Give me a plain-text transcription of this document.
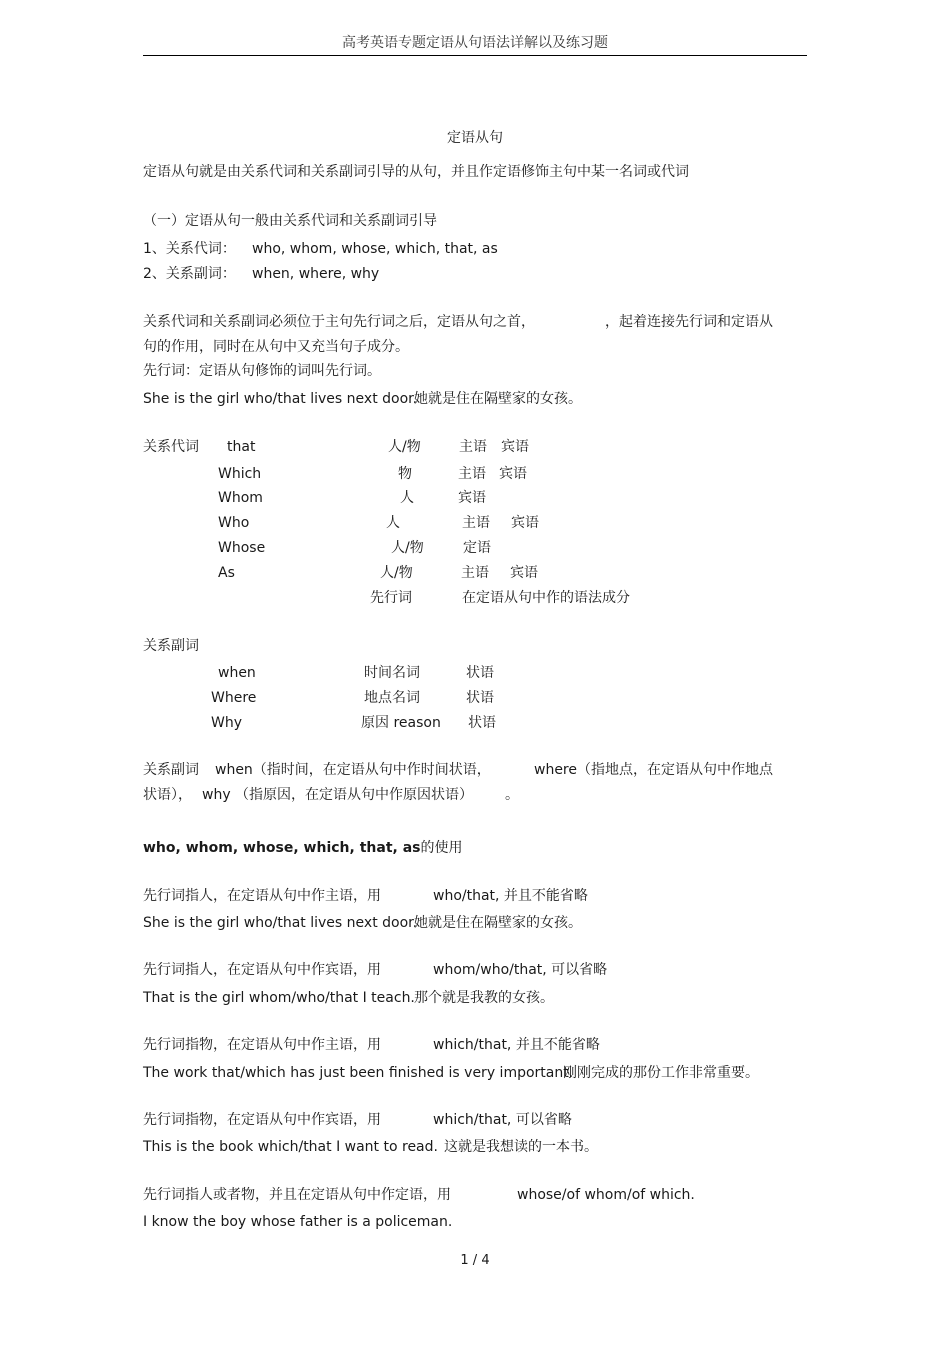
高考英语专题定语从句语法详解以及练习题
定语从句
定语从句就是由关系代词和关系副词引导的从句，并且作定语修饰主句中某一名词或代词
（一）定语从句一般由关系代词和关系副词引导
1、关系代词： who, whom, whose, which, that, as
2、关系副词： when, where, why
关系代词和关系副词必须位于主句先行词之后，定语从句之首，	，起着连接先行词和定语从
句的作用，同时在从句中又充当句子成分。
先行词：定语从句修饰的词叫先行词。
She is the girl who/that lives next door.
她就是住在隔壁家的女孩。
关系代词 that	人/物	主语 宾语
Which	物	主语 宾语
Whom	人	宾语
Who	人	主语 宾语
Whose	人/物	定语
As	人/物	主语 宾语
先行词	在定语从句中作的语法成分
关系副词
when	时间名词	状语
Where	地点名词	状语
Why	原因 reason 状语
关系副词 when（指时间，在定语从句中作时间状语，	where（指地点，在定语从句中作地点
状语）， why （指原因，在定语从句中作原因状语） 。
who, whom, whose, which, that, as的使用
先行词指人，在定语从句中作主语，用	who/that, 并且不能省略
She is the girl who/that lives next door.
她就是住在隔壁家的女孩。
先行词指人，在定语从句中作宾语，用	whom/who/that, 可以省略
That is the girl whom/who/that I teach. 那个就是我教的女孩。
先行词指物，在定语从句中作主语，用	which/that, 并且不能省略
The work that/which has just been finished is very important.
刚刚完成的那份工作非常重要。
先行词指物，在定语从句中作宾语，用	which/that, 可以省略
This is the book which/that I want to read. 这就是我想读的一本书。
先行词指人或者物，并且在定语从句中作定语，用	whose/of whom/of which.
I know the boy whose father is a policeman.
1 / 4
